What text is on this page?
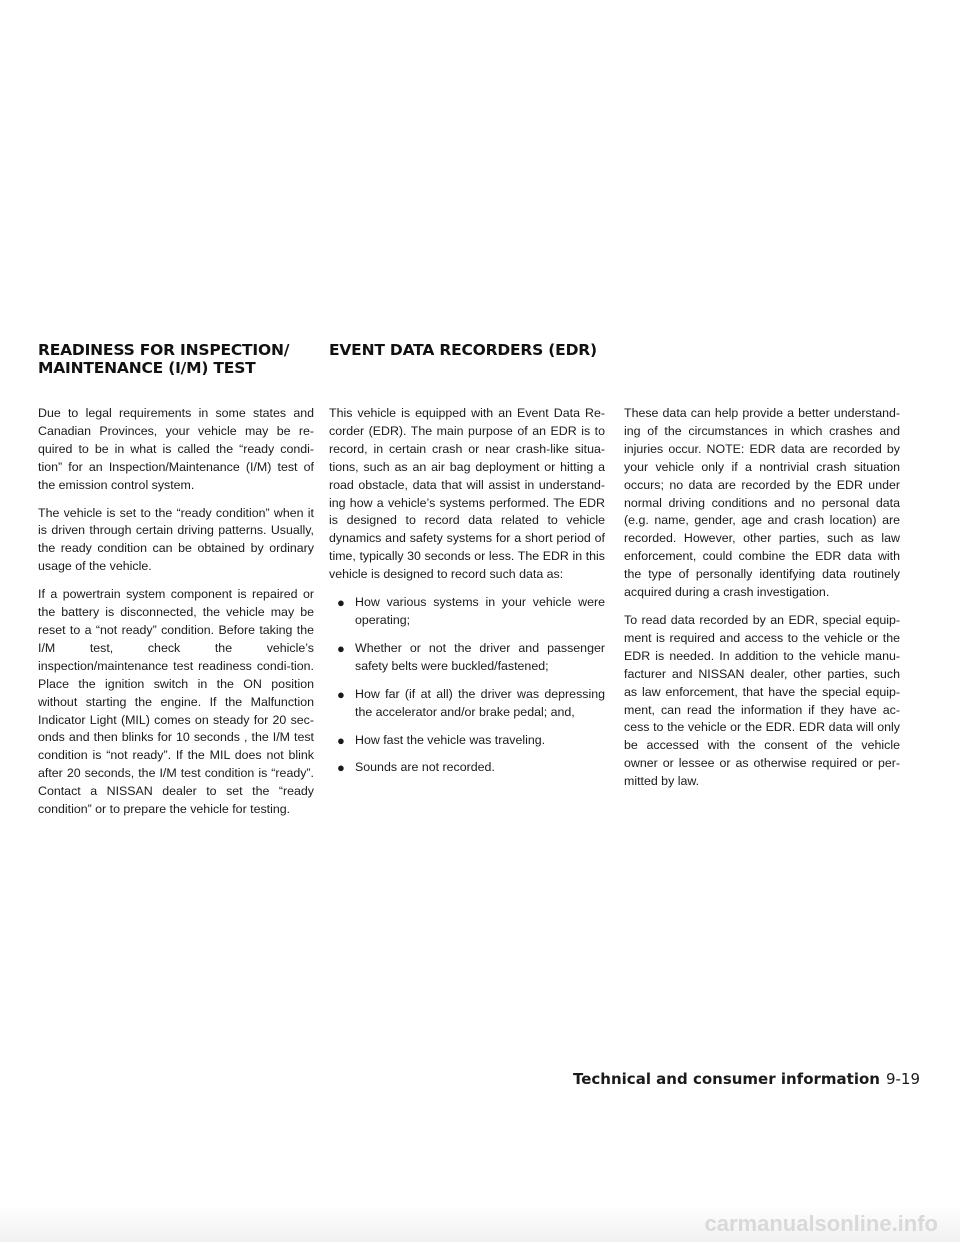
READINESS FOR INSPECTION/
MAINTENANCE (I/M) TEST
EVENT DATA RECORDERS (EDR)

Due to legal requirements in some states and Canadian Provinces, your vehicle may be re-quired to be in what is called the “ready condi-tion” for an Inspection/Maintenance (I/M) test of the emission control system.

The vehicle is set to the “ready condition” when it is driven through certain driving patterns. Usually, the ready condition can be obtained by ordinary usage of the vehicle.

If a powertrain system component is repaired or the battery is disconnected, the vehicle may be reset to a “not ready” condition. Before taking the I/M test, check the vehicle’s inspection/maintenance test readiness condi-tion. Place the ignition switch in the ON position without starting the engine. If the Malfunction Indicator Light (MIL) comes on steady for 20 sec-onds and then blinks for 10 seconds , the I/M test condition is “not ready”. If the MIL does not blink after 20 seconds, the I/M test condition is “ready”. Contact a NISSAN dealer to set the “ready condition” or to prepare the vehicle for testing.

This vehicle is equipped with an Event Data Re-corder (EDR). The main purpose of an EDR is to record, in certain crash or near crash-like situa-tions, such as an air bag deployment or hitting a road obstacle, data that will assist in understand-ing how a vehicle’s systems performed. The EDR is designed to record data related to vehicle dynamics and safety systems for a short period of time, typically 30 seconds or less. The EDR in this vehicle is designed to record such data as:

● How various systems in your vehicle were operating;
● Whether or not the driver and passenger safety belts were buckled/fastened;
● How far (if at all) the driver was depressing the accelerator and/or brake pedal; and,
● How fast the vehicle was traveling.
● Sounds are not recorded.

These data can help provide a better understand-ing of the circumstances in which crashes and injuries occur. NOTE: EDR data are recorded by your vehicle only if a nontrivial crash situation occurs; no data are recorded by the EDR under normal driving conditions and no personal data (e.g. name, gender, age and crash location) are recorded. However, other parties, such as law enforcement, could combine the EDR data with the type of personally identifying data routinely acquired during a crash investigation.

To read data recorded by an EDR, special equip-ment is required and access to the vehicle or the EDR is needed. In addition to the vehicle manu-facturer and NISSAN dealer, other parties, such as law enforcement, that have the special equip-ment, can read the information if they have ac-cess to the vehicle or the EDR. EDR data will only be accessed with the consent of the vehicle owner or lessee or as otherwise required or per-mitted by law.

Technical and consumer information 9-19
carmanualsonline.info
